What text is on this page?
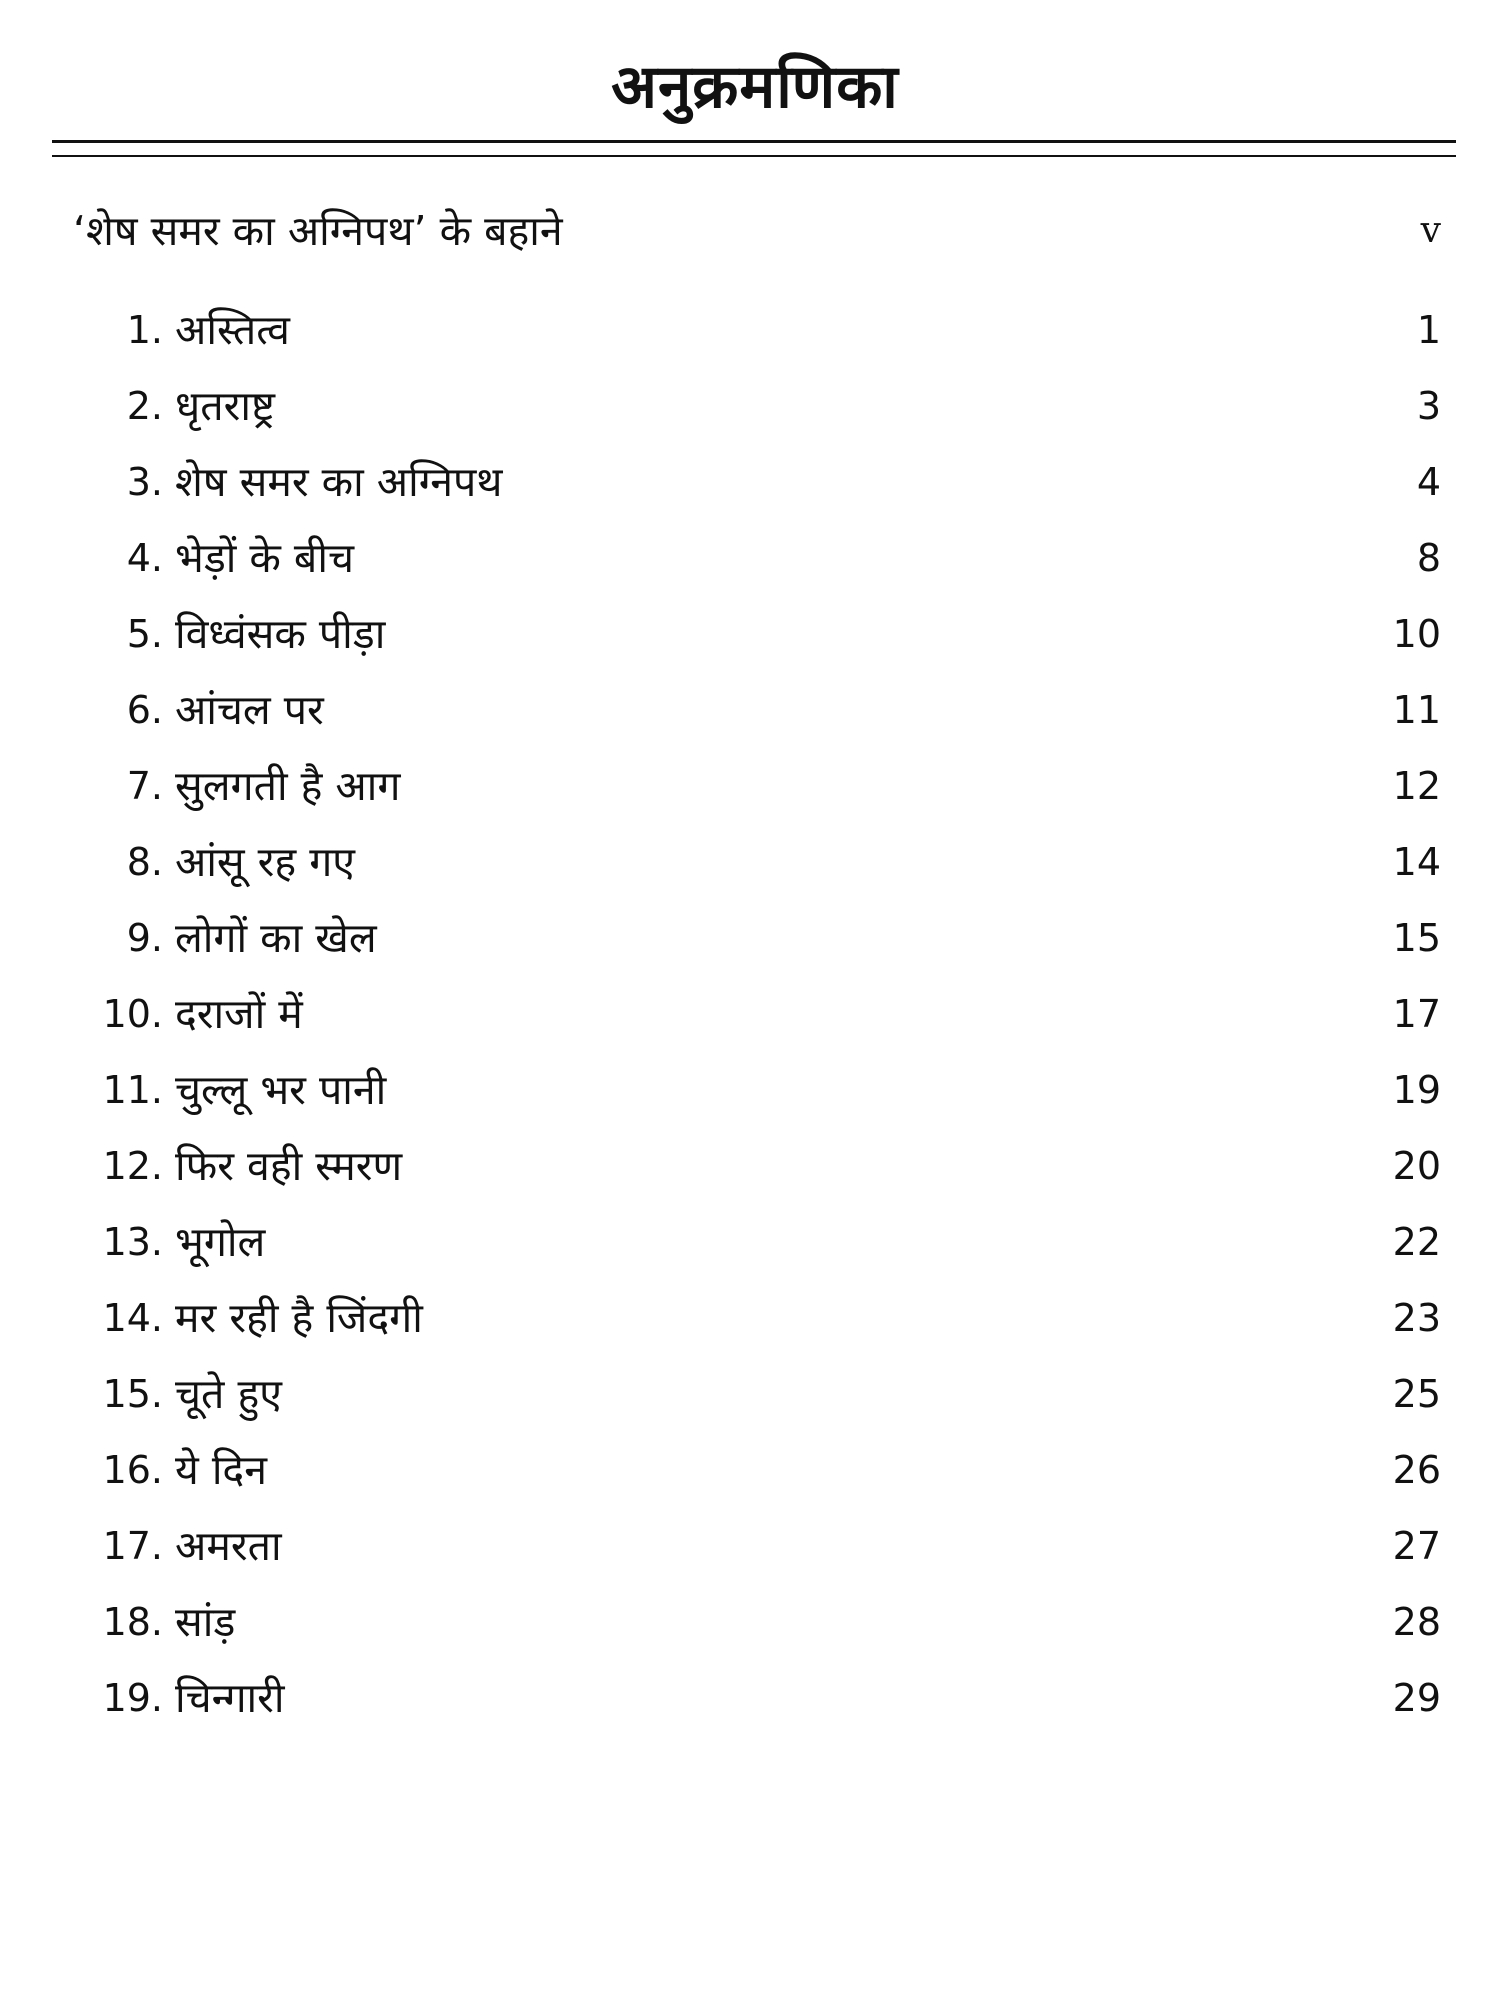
अनुक्रमणिका
‘शेष समर का अग्निपथ’ के बहाने	v
1. अस्तित्व	1
2. धृतराष्ट्र	3
3. शेष समर का अग्निपथ	4
4. भेड़ों के बीच	8
5. विध्वंसक पीड़ा	10
6. आंचल पर	11
7. सुलगती है आग	12
8. आंसू रह गए	14
9. लोगों का खेल	15
10. दराजों में	17
11. चुल्लू भर पानी	19
12. फिर वही स्मरण	20
13. भूगोल	22
14. मर रही है जिंदगी	23
15. चूते हुए	25
16. ये दिन	26
17. अमरता	27
18. सांड़	28
19. चिन्गारी	29
